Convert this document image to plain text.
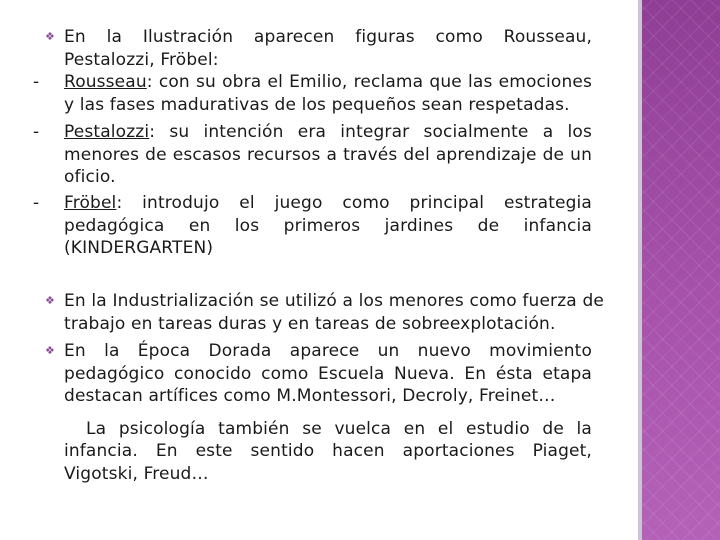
❖ En la Ilustración aparecen figuras como Rousseau, Pestalozzi, Fröbel:
- Rousseau: con su obra el Emilio, reclama que las emociones y las fases madurativas de los pequeños sean respetadas.
- Pestalozzi: su intención era integrar socialmente a los menores de escasos recursos a través del aprendizaje de un oficio.
- Fröbel: introdujo el juego como principal estrategia pedagógica en los primeros jardines de infancia (KINDERGARTEN)
❖ En la Industrialización se utilizó a los menores como fuerza de trabajo en tareas duras y en tareas de sobreexplotación.
❖ En la Época Dorada aparece un nuevo movimiento pedagógico conocido como Escuela Nueva. En ésta etapa destacan artífices como M.Montessori, Decroly, Freinet…
La psicología también se vuelca en el estudio de la infancia. En este sentido hacen aportaciones Piaget, Vigotski, Freud…
